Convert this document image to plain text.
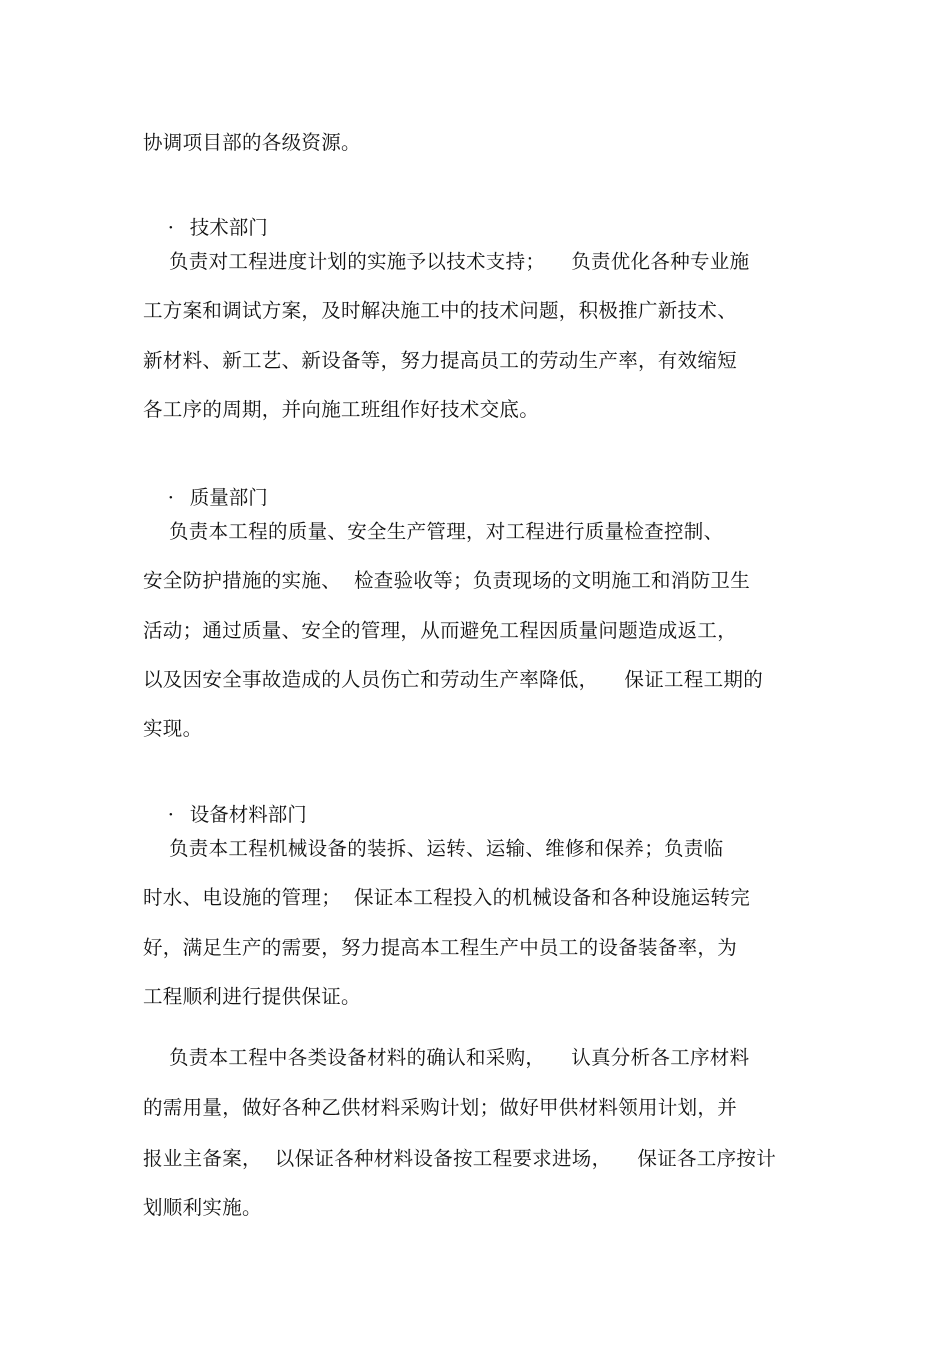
协调项目部的各级资源。

· 技术部门

负责对工程进度计划的实施予以技术支持；    负责优化各种专业施
工方案和调试方案，及时解决施工中的技术问题，积极推广新技术、
新材料、新工艺、新设备等，努力提高员工的劳动生产率，有效缩短
各工序的周期，并向施工班组作好技术交底。

· 质量部门

负责本工程的质量、安全生产管理，对工程进行质量检查控制、
安全防护措施的实施、  检查验收等；负责现场的文明施工和消防卫生
活动；通过质量、安全的管理，从而避免工程因质量问题造成返工，
以及因安全事故造成的人员伤亡和劳动生产率降低，    保证工程工期的
实现。

· 设备材料部门

负责本工程机械设备的装拆、运转、运输、维修和保养；负责临
时水、电设施的管理；  保证本工程投入的机械设备和各种设施运转完
好，满足生产的需要，努力提高本工程生产中员工的设备装备率，为
工程顺利进行提供保证。
负责本工程中各类设备材料的确认和采购，    认真分析各工序材料
的需用量，做好各种乙供材料采购计划；做好甲供材料领用计划，并
报业主备案，  以保证各种材料设备按工程要求进场，    保证各工序按计
划顺利实施。
